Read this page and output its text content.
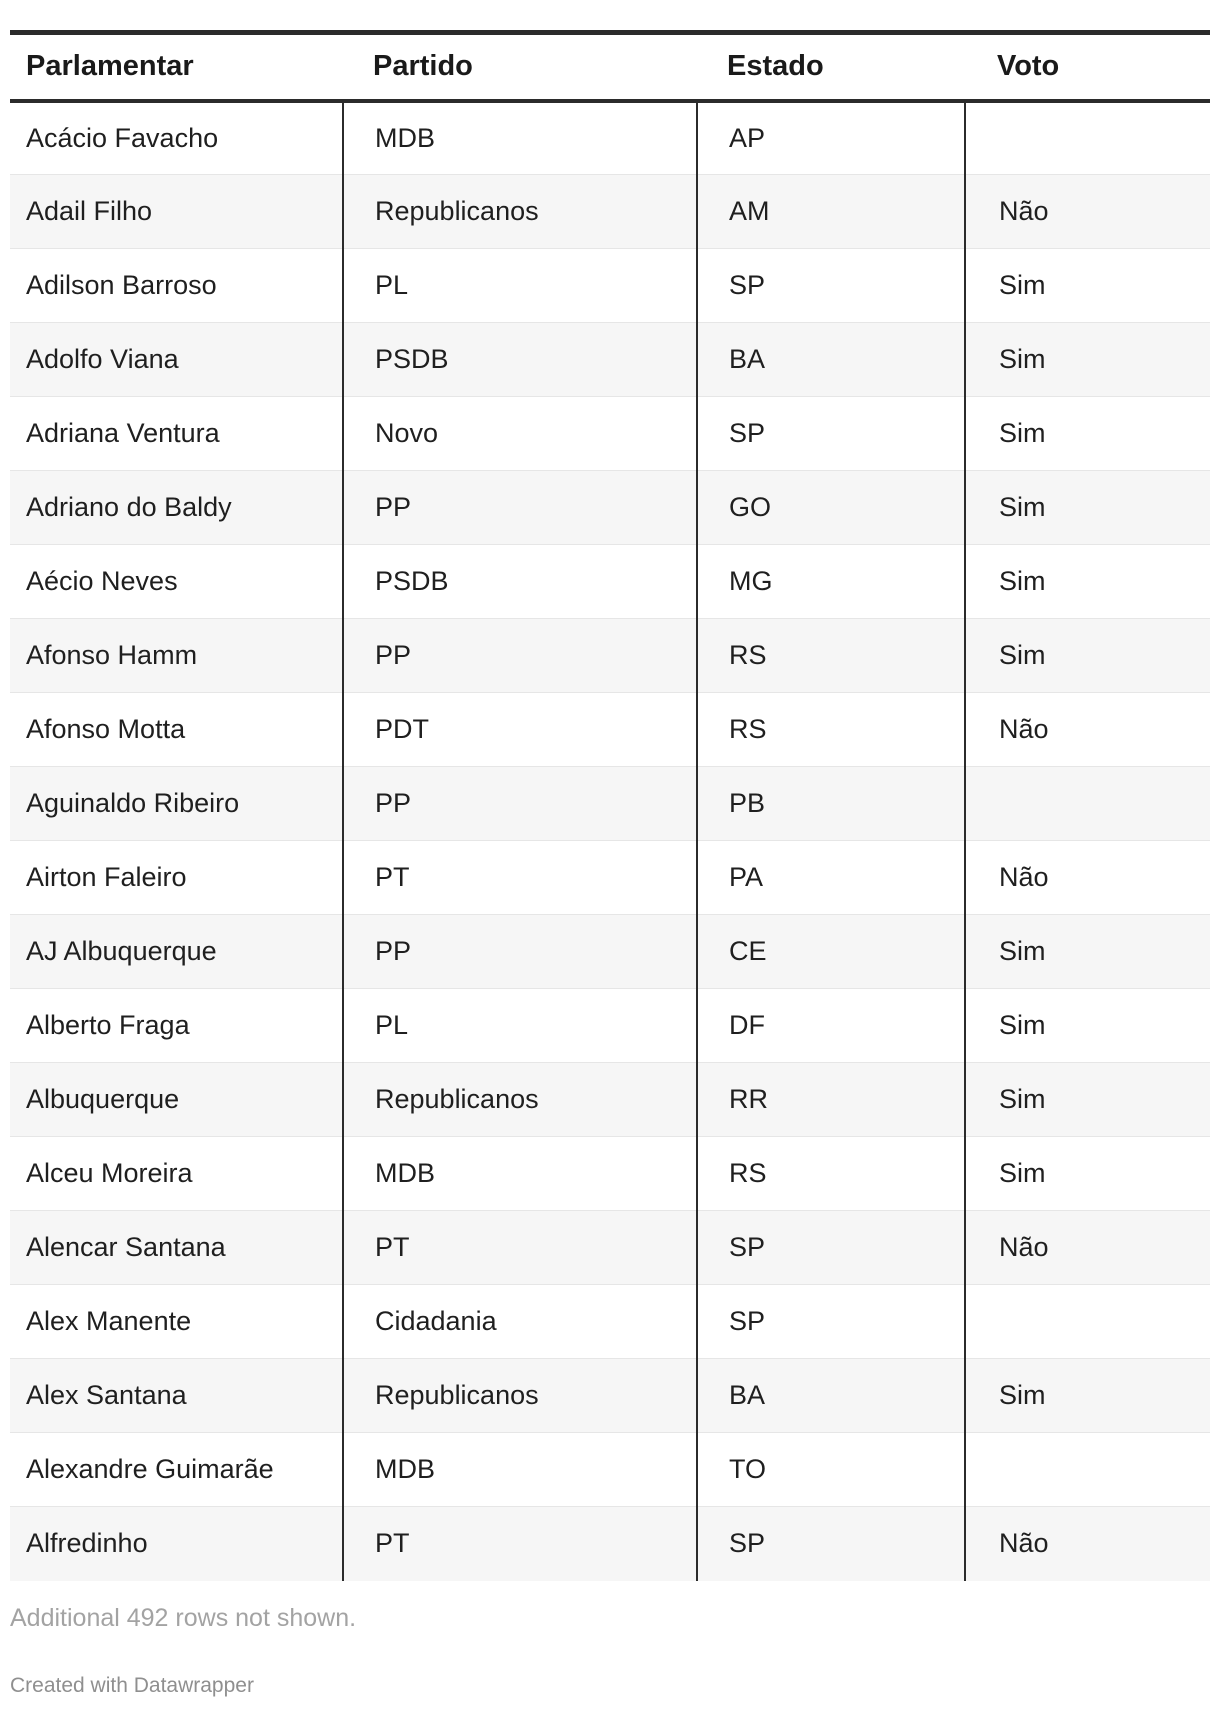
Parlamentar	Partido	Estado	Voto
Acácio Favacho	MDB	AP	
Adail Filho	Republicanos	AM	Não
Adilson Barroso	PL	SP	Sim
Adolfo Viana	PSDB	BA	Sim
Adriana Ventura	Novo	SP	Sim
Adriano do Baldy	PP	GO	Sim
Aécio Neves	PSDB	MG	Sim
Afonso Hamm	PP	RS	Sim
Afonso Motta	PDT	RS	Não
Aguinaldo Ribeiro	PP	PB	
Airton Faleiro	PT	PA	Não
AJ Albuquerque	PP	CE	Sim
Alberto Fraga	PL	DF	Sim
Albuquerque	Republicanos	RR	Sim
Alceu Moreira	MDB	RS	Sim
Alencar Santana	PT	SP	Não
Alex Manente	Cidadania	SP	
Alex Santana	Republicanos	BA	Sim
Alexandre Guimarãe	MDB	TO	
Alfredinho	PT	SP	Não
Additional 492 rows not shown.
Created with Datawrapper
